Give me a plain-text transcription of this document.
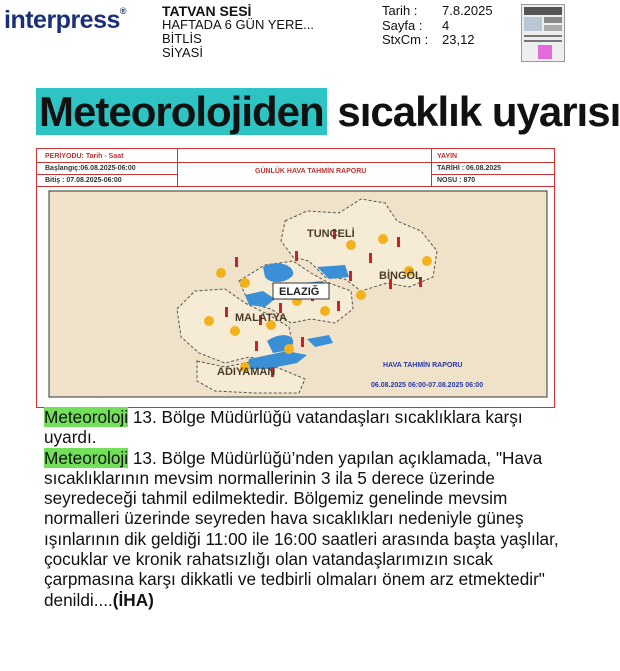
interpress®	TATVAN SESİ
HAFTADA 6 GÜN YERE...
BİTLİS
SİYASİ
Tarih :	7.8.2025
Sayfa :	4
StxCm :	23,12
Meteorolojiden sıcaklık uyarısı
PERİYODU: Tarih - Saat
Başlangıç:06.08.2025-06:00
Bitiş : 07.08.2025-06:00
GÜNLÜK HAVA TAHMİN RAPORU
YAYIN
TARİHİ : 06.08.2025
NOSU : 870
TUNCELİ
BİNGÖL
ELAZIĞ
MALATYA
ADIYAMAN
HAVA TAHMİN RAPORU
06.08.2025 06:00-07.08.2025 06:00

Meteoroloji 13. Bölge Müdürlüğü vatandaşları sıcaklıklara karşı uyardı.

Meteoroloji 13. Bölge Müdürlüğü’nden yapılan açıklamada, "Hava sıcaklıklarının mevsim normallerinin 3 ila 5 derece üzerinde seyredeceği tahmil edilmektedir. Bölgemiz genelinde mevsim normalleri üzerinde seyreden hava sıcaklıkları nedeniyle güneş ışınlarının dik geldiği 11:00 ile 16:00 saatleri arasında başta yaşlılar, çocuklar ve kronik rahatsızlığı olan vatandaşlarımızın sıcak çarpmasına karşı dikkatli ve tedbirli olmaları önem arz etmektedir" denildi....(İHA)
